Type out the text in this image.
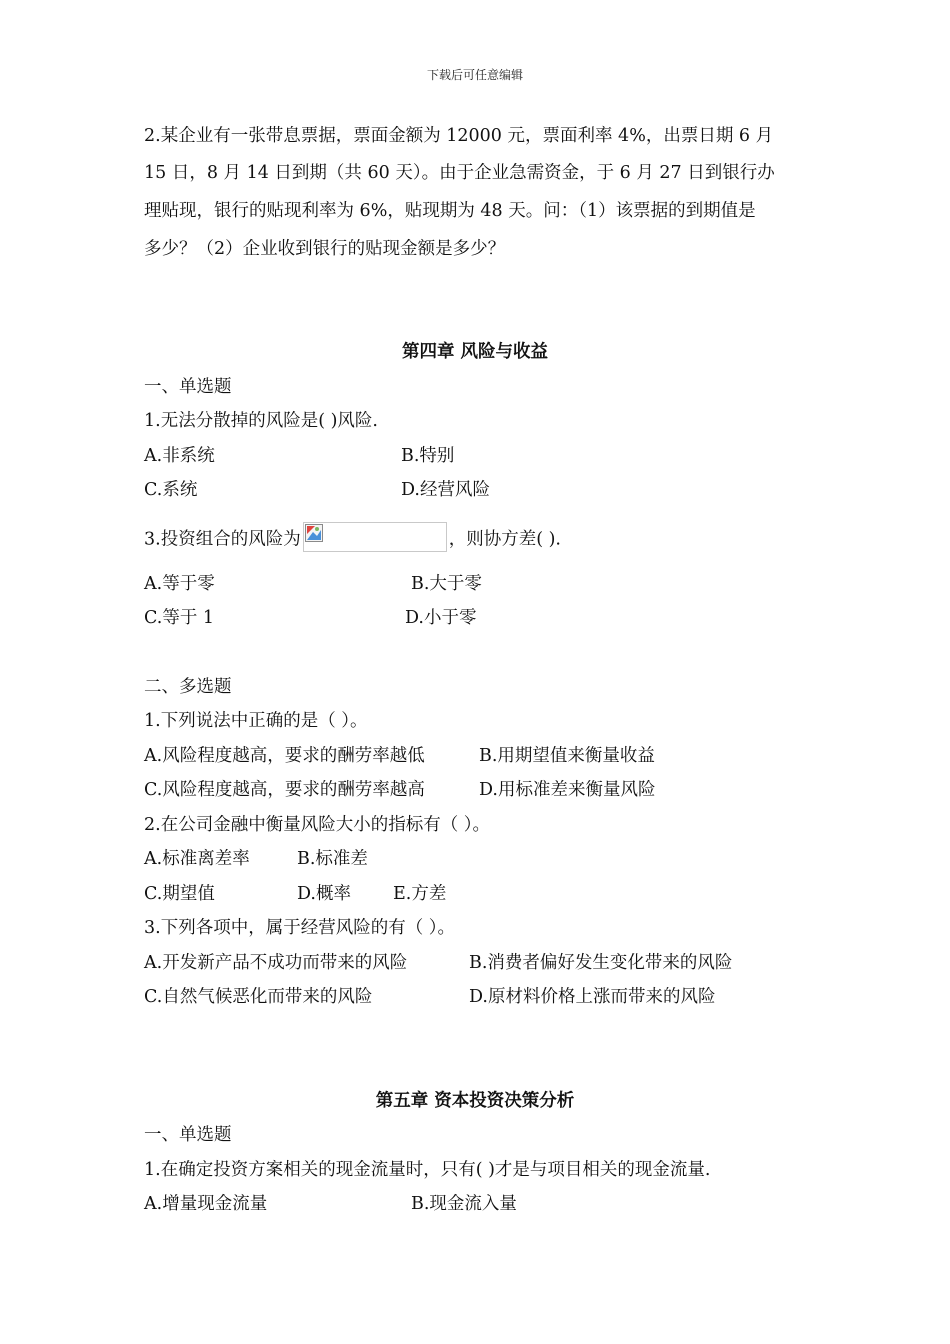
下载后可任意编辑
2.某企业有一张带息票据，票面金额为 12000 元，票面利率 4%，出票日期 6 月
15 日，8 月 14 日到期（共 60 天）。由于企业急需资金，于 6 月 27 日到银行办
理贴现，银行的贴现利率为 6%，贴现期为 48 天。问：（1）该票据的到期值是
多少？（2）企业收到银行的贴现金额是多少？
第四章 风险与收益
一、单选题
1.无法分散掉的风险是( )风险.
A.非系统	B.特别
C.系统	D.经营风险
3.投资组合的风险为	，则协方差( ).
A.等于零	B.大于零
C.等于 1	D.小于零
二、多选题
1.下列说法中正确的是（ ）。
A.风险程度越高，要求的酬劳率越低	B.用期望值来衡量收益
C.风险程度越高，要求的酬劳率越高	D.用标准差来衡量风险
2.在公司金融中衡量风险大小的指标有（ ）。
A.标准离差率	B.标准差
C.期望值	D.概率 E.方差
3.下列各项中，属于经营风险的有（ ）。
A.开发新产品不成功而带来的风险	B.消费者偏好发生变化带来的风险
C.自然气候恶化而带来的风险	D.原材料价格上涨而带来的风险
第五章 资本投资决策分析
一、单选题
1.在确定投资方案相关的现金流量时，只有( )才是与项目相关的现金流量.
A.增量现金流量	B.现金流入量
